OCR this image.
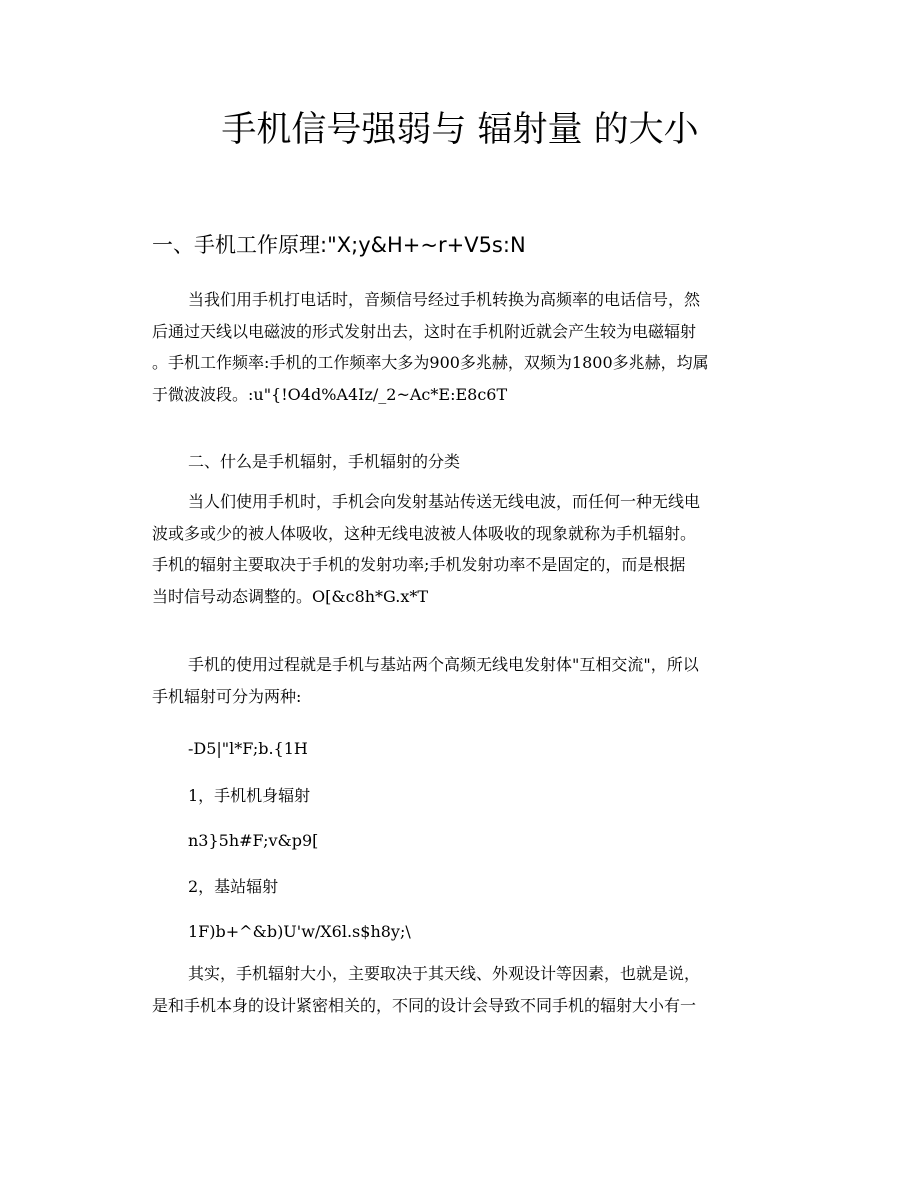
手机信号强弱与 辐射量 的大小
一、手机工作原理:"X;y&H+~r+V5s:N
当我们用手机打电话时，音频信号经过手机转换为高频率的电话信号，然
后通过天线以电磁波的形式发射出去，这时在手机附近就会产生较为电磁辐射
。手机工作频率:手机的工作频率大多为900多兆赫，双频为1800多兆赫，均属
于微波波段。:u"{!O4d%A4Iz/_2~Ac*E:E8c6T
二、什么是手机辐射，手机辐射的分类
当人们使用手机时，手机会向发射基站传送无线电波，而任何一种无线电
波或多或少的被人体吸收，这种无线电波被人体吸收的现象就称为手机辐射。
手机的辐射主要取决于手机的发射功率;手机发射功率不是固定的，而是根据
当时信号动态调整的。O[&c8h*G.x*T
手机的使用过程就是手机与基站两个高频无线电发射体"互相交流"，所以
手机辐射可分为两种:
-D5|"l*F;b.{1H
1，手机机身辐射
n3}5h#F;v&p9[
2，基站辐射
1F)b+^&b)U'w/X6l.s$h8y;\
其实，手机辐射大小，主要取决于其天线、外观设计等因素，也就是说，
是和手机本身的设计紧密相关的，不同的设计会导致不同手机的辐射大小有一
